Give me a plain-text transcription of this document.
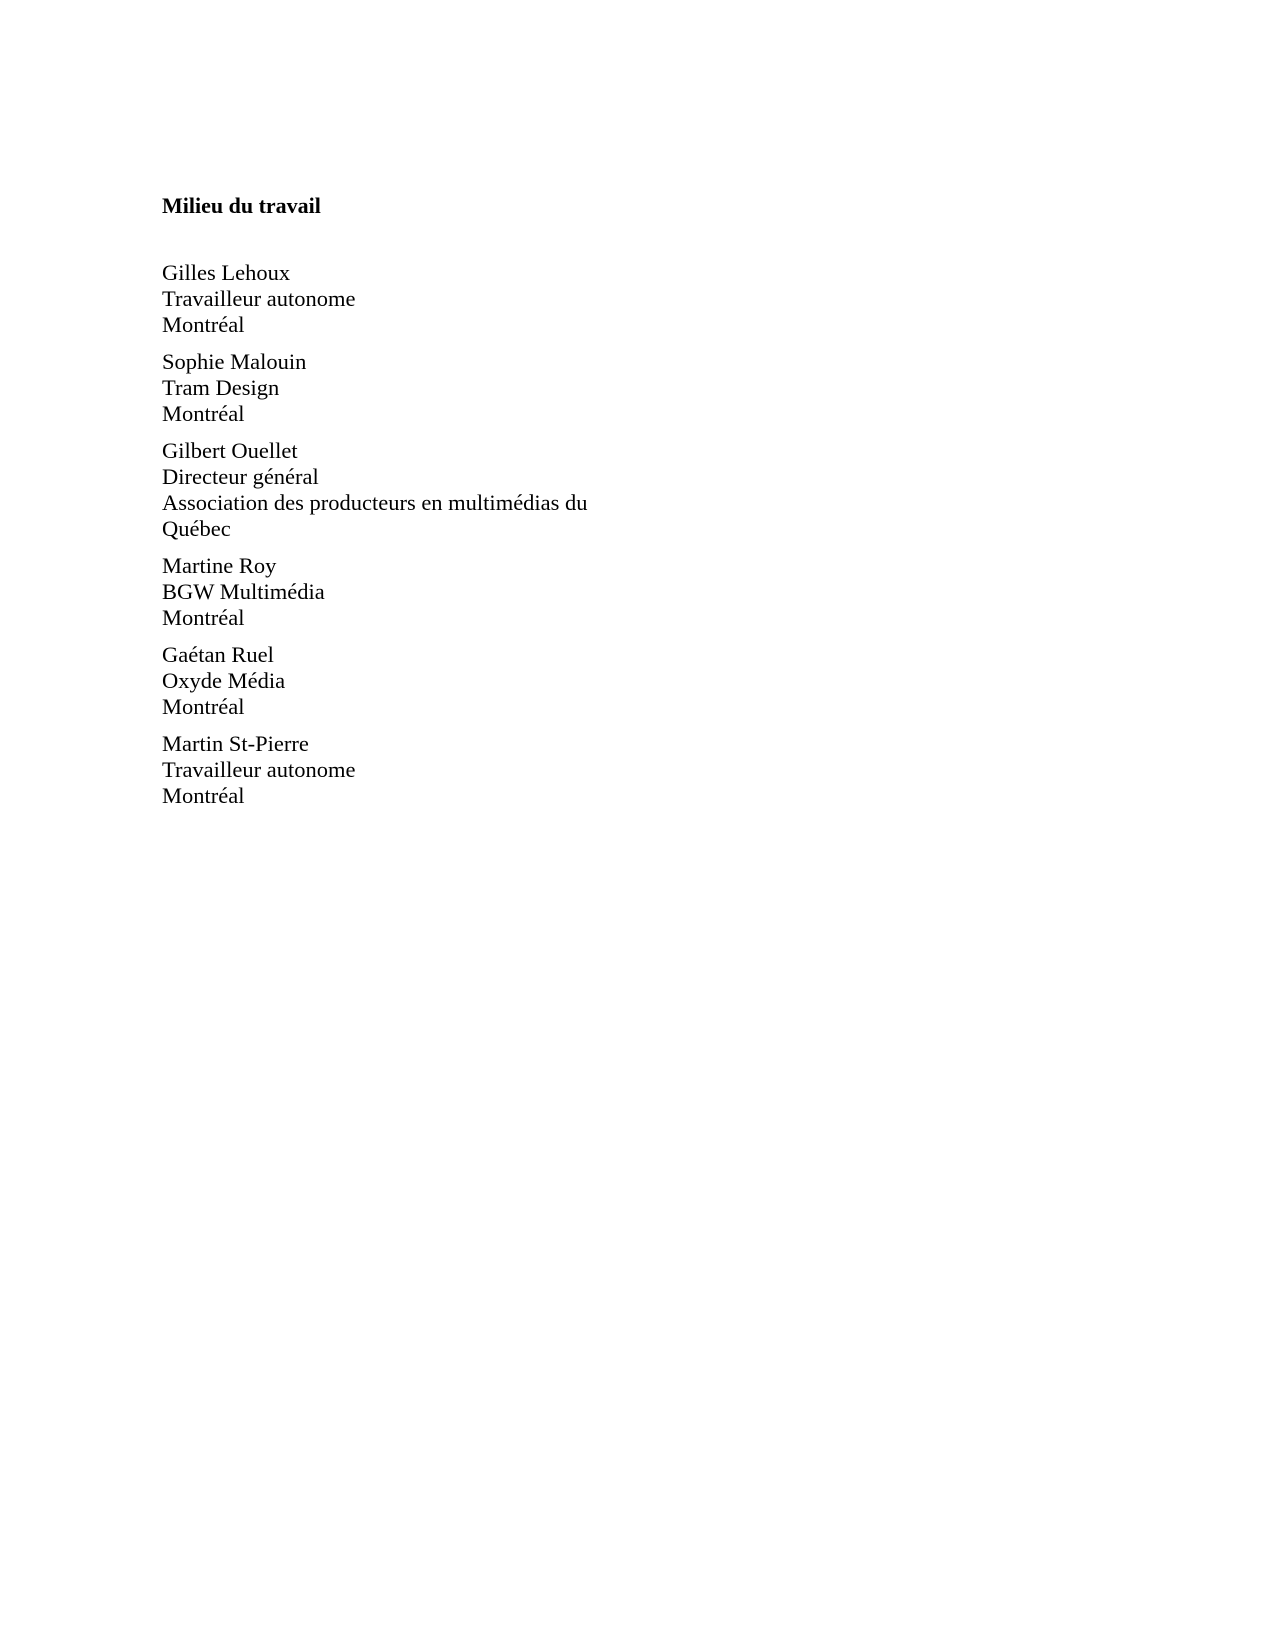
Milieu du travail
Gilles Lehoux
Travailleur autonome
Montréal
Sophie Malouin
Tram Design
Montréal
Gilbert Ouellet
Directeur général
Association des producteurs en multimédias du
Québec
Martine Roy
BGW Multimédia
Montréal
Gaétan Ruel
Oxyde Média
Montréal
Martin St-Pierre
Travailleur autonome
Montréal
